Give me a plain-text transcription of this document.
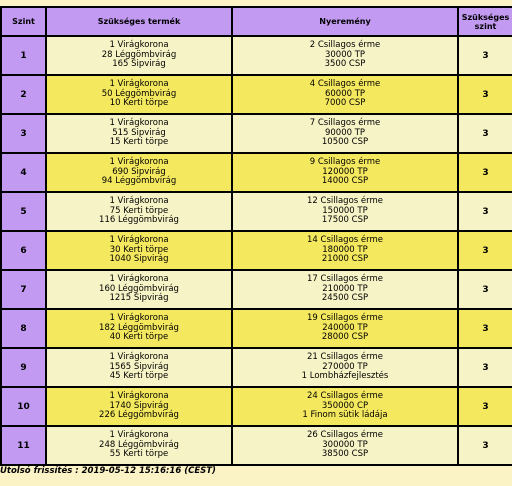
Szint	Szükséges termék	Nyeremény	Szükséges szint
1	1 Virágkorona
28 Léggömbvirág
165 Sipvirág	2 Csillagos érme
30000 TP
3500 CSP	3
2	1 Virágkorona
50 Léggömbvirág
10 Kerti törpe	4 Csillagos érme
60000 TP
7000 CSP	3
3	1 Virágkorona
515 Sipvirág
15 Kerti törpe	7 Csillagos érme
90000 TP
10500 CSP	3
4	1 Virágkorona
690 Sipvirág
94 Léggömbvirág	9 Csillagos érme
120000 TP
14000 CSP	3
5	1 Virágkorona
75 Kerti törpe
116 Léggömbvirág	12 Csillagos érme
150000 TP
17500 CSP	3
6	1 Virágkorona
30 Kerti törpe
1040 Sipvirág	14 Csillagos érme
180000 TP
21000 CSP	3
7	1 Virágkorona
160 Léggömbvirág
1215 Sipvirág	17 Csillagos érme
210000 TP
24500 CSP	3
8	1 Virágkorona
182 Léggömbvirág
40 Kerti törpe	19 Csillagos érme
240000 TP
28000 CSP	3
9	1 Virágkorona
1565 Sipvirág
45 Kerti törpe	21 Csillagos érme
270000 TP
1 Lombházfejlesztés	3
10	1 Virágkorona
1740 Sipvirág
226 Léggömbvirág	24 Csillagos érme
350000 CP
1 Finom sütik ládája	3
11	1 Virágkorona
248 Léggömbvirág
55 Kerti törpe	26 Csillagos érme
300000 TP
38500 CSP	3
Utolsó frissítés : 2019-05-12 15:16:16 (CEST)
